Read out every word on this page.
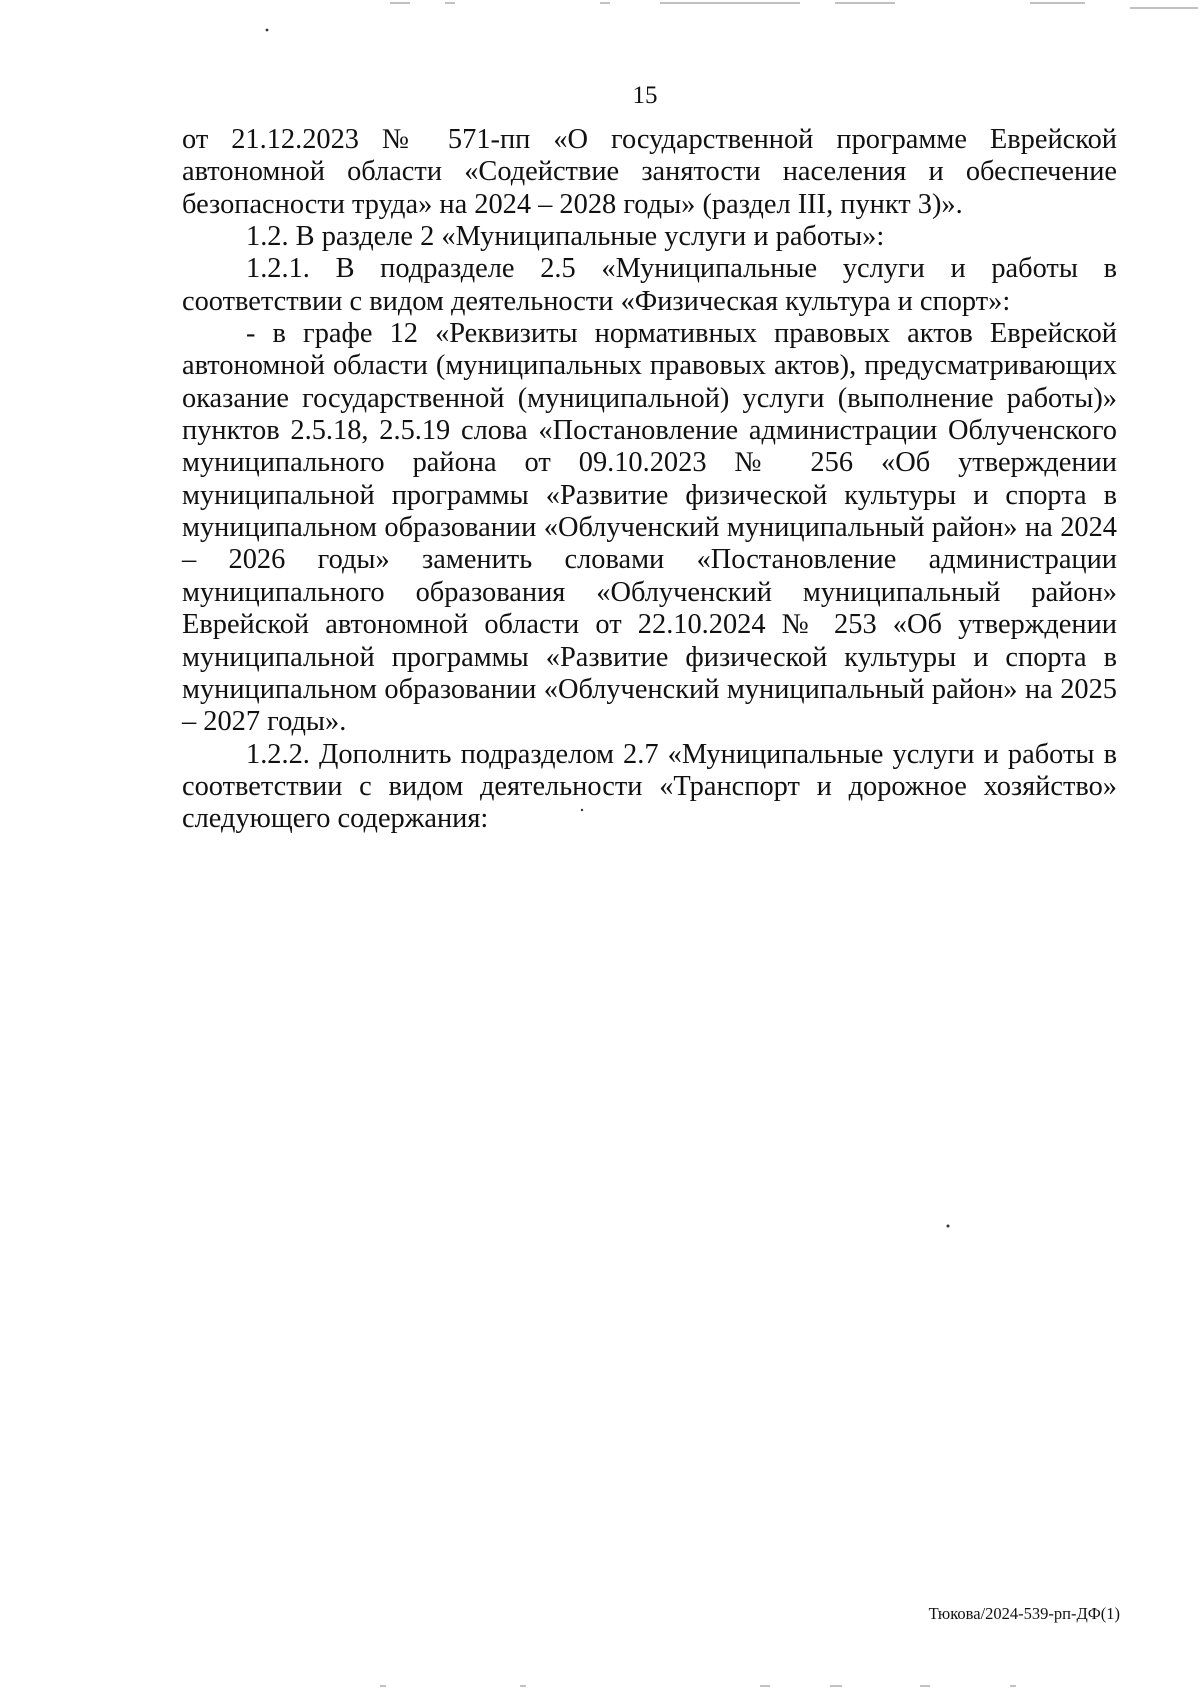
15

от 21.12.2023 № 571-пп «О государственной программе Еврейской автономной области «Содействие занятости населения и обеспечение безопасности труда» на 2024 – 2028 годы» (раздел III, пункт 3)».

1.2. В разделе 2 «Муниципальные услуги и работы»:

1.2.1. В подразделе 2.5 «Муниципальные услуги и работы в соответствии с видом деятельности «Физическая культура и спорт»:

- в графе 12 «Реквизиты нормативных правовых актов Еврейской автономной области (муниципальных правовых актов), предусматривающих оказание государственной (муниципальной) услуги (выполнение работы)» пунктов 2.5.18, 2.5.19 слова «Постановление администрации Облученского муниципального района от 09.10.2023 № 256 «Об утверждении муниципальной программы «Развитие физической культуры и спорта в муниципальном образовании «Облученский муниципальный район» на 2024 – 2026 годы» заменить словами «Постановление администрации муниципального образования «Облученский муниципальный район» Еврейской автономной области от 22.10.2024 № 253 «Об утверждении муниципальной программы «Развитие физической культуры и спорта в муниципальном образовании «Облученский муниципальный район» на 2025 – 2027 годы».

1.2.2. Дополнить подразделом 2.7 «Муниципальные услуги и работы в соответствии с видом деятельности «Транспорт и дорожное хозяйство» следующего содержания:

Тюкова/2024-539-рп-ДФ(1)
